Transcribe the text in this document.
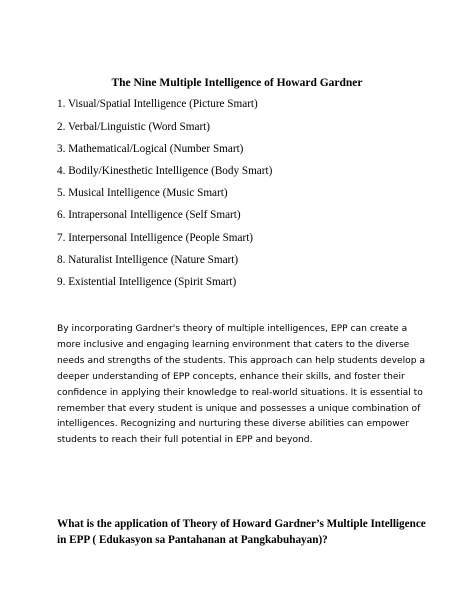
The Nine Multiple Intelligence of Howard Gardner
1. Visual/Spatial Intelligence (Picture Smart)
2. Verbal/Linguistic (Word Smart)
3. Mathematical/Logical (Number Smart)
4. Bodily/Kinesthetic Intelligence (Body Smart)
5. Musical Intelligence (Music Smart)
6. Intrapersonal Intelligence (Self Smart)
7. Interpersonal Intelligence (People Smart)
8. Naturalist Intelligence (Nature Smart)
9. Existential Intelligence (Spirit Smart)
By incorporating Gardner's theory of multiple intelligences, EPP can create a more inclusive and engaging learning environment that caters to the diverse needs and strengths of the students. This approach can help students develop a deeper understanding of EPP concepts, enhance their skills, and foster their confidence in applying their knowledge to real-world situations. It is essential to remember that every student is unique and possesses a unique combination of intelligences. Recognizing and nurturing these diverse abilities can empower students to reach their full potential in EPP and beyond.
What is the application of Theory of Howard Gardner’s Multiple Intelligence in EPP ( Edukasyon sa Pantahanan at Pangkabuhayan)?
